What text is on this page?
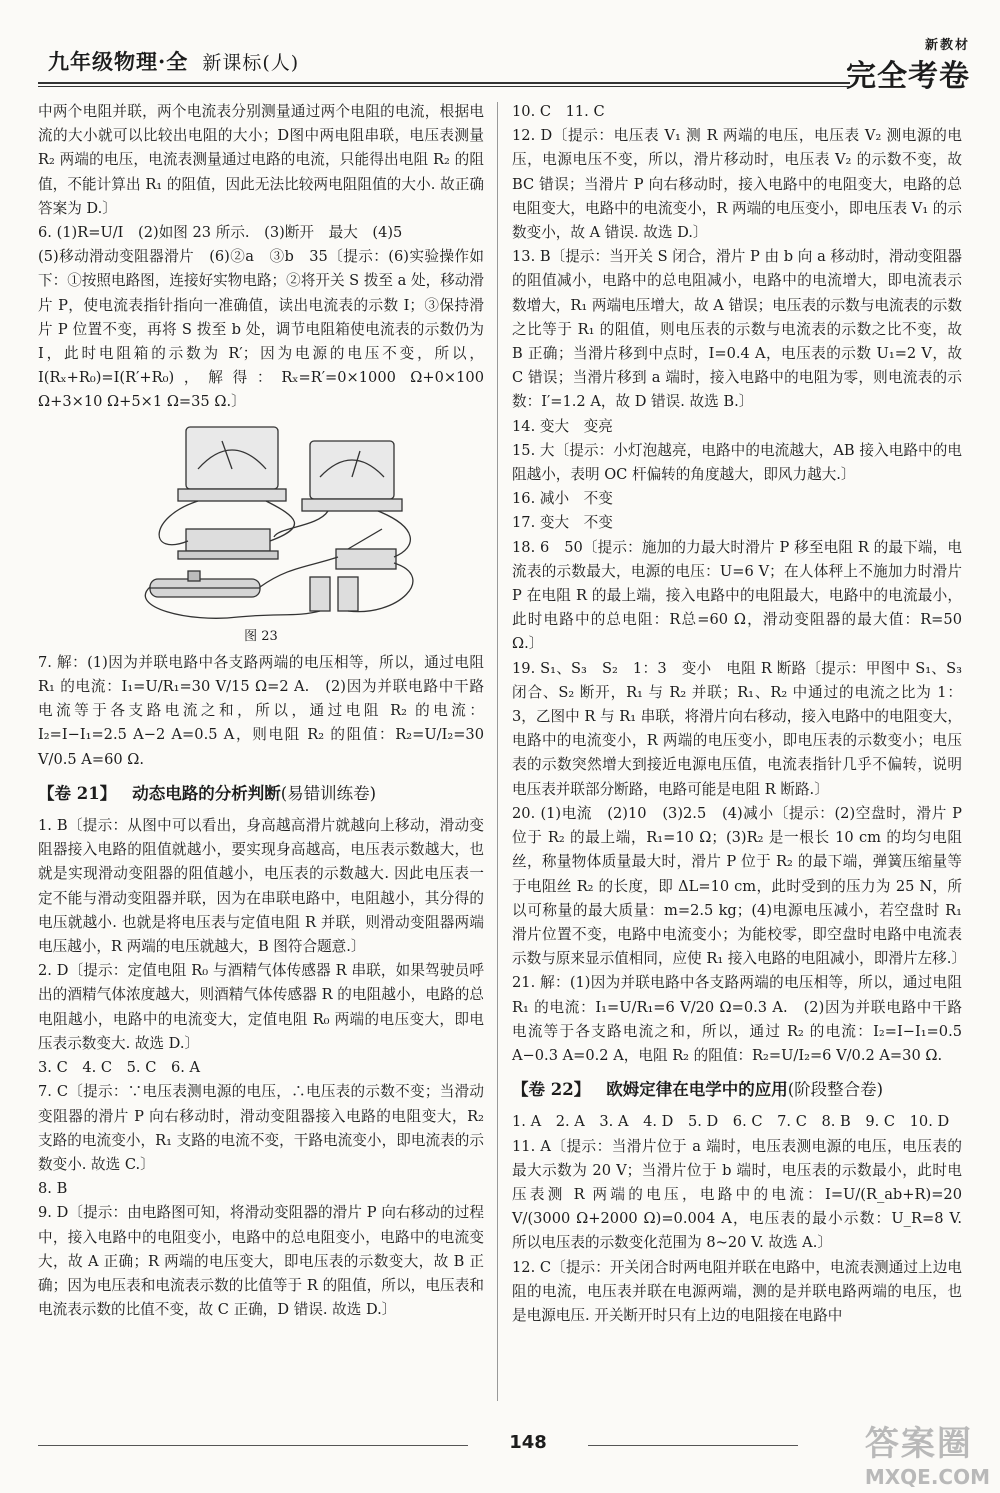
九年级物理·全 新课标(人)
新教材
完全考卷

中两个电阻并联，两个电流表分别测量通过两个电阻的电流，根据电流的大小就可以比较出电阻的大小；D图中两电阻串联，电压表测量 R₂ 两端的电压，电流表测量通过电路的电流，只能得出电阻 R₂ 的阻值，不能计算出 R₁ 的阻值，因此无法比较两电阻阻值的大小. 故正确答案为 D.〕

6. (1)R=U/I　(2)如图 23 所示.　(3)断开　最大　(4)5

(5)移动滑动变阻器滑片　(6)②a　③b　35〔提示：(6)实验操作如下：①按照电路图，连接好实物电路；②将开关 S 拨至 a 处，移动滑片 P，使电流表指针指向一准确值，读出电流表的示数 I；③保持滑片 P 位置不变，再将 S 拨至 b 处，调节电阻箱使电流表的示数仍为 I，此时电阻箱的示数为 R′；因为电源的电压不变，所以，I(Rₓ+R₀)=I(R′+R₀)，解得：Rₓ=R′=0×1000 Ω+0×100 Ω+3×10 Ω+5×1 Ω=35 Ω.〕

图 23

7. 解：(1)因为并联电路中各支路两端的电压相等，所以，通过电阻 R₁ 的电流：I₁=U/R₁=30 V/15 Ω=2 A.　(2)因为并联电路中干路电流等于各支路电流之和，所以，通过电阻 R₂ 的电流：I₂=I−I₁=2.5 A−2 A=0.5 A，则电阻 R₂ 的阻值：R₂=U/I₂=30 V/0.5 A=60 Ω.

【卷 21】 动态电路的分析判断(易错训练卷)

1. B〔提示：从图中可以看出，身高越高滑片就越向上移动，滑动变阻器接入电路的阻值就越小，要实现身高越高，电压表示数越大，也就是实现滑动变阻器的阻值越小，电压表的示数越大. 因此电压表一定不能与滑动变阻器并联，因为在串联电路中，电阻越小，其分得的电压就越小. 也就是将电压表与定值电阻 R 并联，则滑动变阻器两端电压越小，R 两端的电压就越大，B 图符合题意.〕

2. D〔提示：定值电阻 R₀ 与酒精气体传感器 R 串联，如果驾驶员呼出的酒精气体浓度越大，则酒精气体传感器 R 的电阻越小，电路的总电阻越小，电路中的电流变大，定值电阻 R₀ 两端的电压变大，即电压表示数变大. 故选 D.〕

3. C　4. C　5. C　6. A

7. C〔提示：∵电压表测电源的电压，∴电压表的示数不变；当滑动变阻器的滑片 P 向右移动时，滑动变阻器接入电路的电阻变大，R₂ 支路的电流变小，R₁ 支路的电流不变，干路电流变小，即电流表的示数变小. 故选 C.〕

8. B

9. D〔提示：由电路图可知，将滑动变阻器的滑片 P 向右移动的过程中，接入电路中的电阻变小，电路中的总电阻变小，电路中的电流变大，故 A 正确；R 两端的电压变大，即电压表的示数变大，故 B 正确；因为电压表和电流表示数的比值等于 R 的阻值，所以，电压表和电流表示数的比值不变，故 C 正确，D 错误. 故选 D.〕

10. C　11. C

12. D〔提示：电压表 V₁ 测 R 两端的电压，电压表 V₂ 测电源的电压，电源电压不变，所以，滑片移动时，电压表 V₂ 的示数不变，故 BC 错误；当滑片 P 向右移动时，接入电路中的电阻变大，电路的总电阻变大，电路中的电流变小，R 两端的电压变小，即电压表 V₁ 的示数变小，故 A 错误. 故选 D.〕

13. B〔提示：当开关 S 闭合，滑片 P 由 b 向 a 移动时，滑动变阻器的阻值减小，电路中的总电阻减小，电路中的电流增大，即电流表示数增大，R₁ 两端电压增大，故 A 错误；电压表的示数与电流表的示数之比等于 R₁ 的阻值，则电压表的示数与电流表的示数之比不变，故 B 正确；当滑片移到中点时，I=0.4 A，电压表的示数 U₁=2 V，故 C 错误；当滑片移到 a 端时，接入电路中的电阻为零，则电流表的示数：I′=1.2 A，故 D 错误. 故选 B.〕

14. 变大　变亮

15. 大〔提示：小灯泡越亮，电路中的电流越大，AB 接入电路中的电阻越小，表明 OC 杆偏转的角度越大，即风力越大.〕

16. 减小　不变

17. 变大　不变

18. 6　50〔提示：施加的力最大时滑片 P 移至电阻 R 的最下端，电流表的示数最大，电源的电压：U=6 V；在人体秤上不施加力时滑片 P 在电阻 R 的最上端，接入电路中的电阻最大，电路中的电流最小，此时电路中的总电阻：R总=60 Ω，滑动变阻器的最大值：R=50 Ω.〕

19. S₁、S₃　S₂　1：3　变小　电阻 R 断路〔提示：甲图中 S₁、S₃ 闭合、S₂ 断开，R₁ 与 R₂ 并联；R₁、R₂ 中通过的电流之比为 1：3，乙图中 R 与 R₁ 串联，将滑片向右移动，接入电路中的电阻变大，电路中的电流变小，R 两端的电压变小，即电压表的示数变小；电压表的示数突然增大到接近电源电压值，电流表指针几乎不偏转，说明电压表并联部分断路，电路可能是电阻 R 断路.〕

20. (1)电流　(2)10　(3)2.5　(4)减小〔提示：(2)空盘时，滑片 P 位于 R₂ 的最上端，R₁=10 Ω；(3)R₂ 是一根长 10 cm 的均匀电阻丝，称量物体质量最大时，滑片 P 位于 R₂ 的最下端，弹簧压缩量等于电阻丝 R₂ 的长度，即 ΔL=10 cm，此时受到的压力为 25 N，所以可称量的最大质量：m=2.5 kg；(4)电源电压减小，若空盘时 R₁ 滑片位置不变，电路中电流变小；为能校零，即空盘时电路中电流表示数与原来显示值相同，应使 R₁ 接入电路的电阻减小，即滑片左移.〕

21. 解：(1)因为并联电路中各支路两端的电压相等，所以，通过电阻 R₁ 的电流：I₁=U/R₁=6 V/20 Ω=0.3 A.　(2)因为并联电路中干路电流等于各支路电流之和，所以，通过 R₂ 的电流：I₂=I−I₁=0.5 A−0.3 A=0.2 A，电阻 R₂ 的阻值：R₂=U/I₂=6 V/0.2 A=30 Ω.

【卷 22】 欧姆定律在电学中的应用(阶段整合卷)

1. A　2. A　3. A　4. D　5. D　6. C　7. C　8. B　9. C　10. D

11. A〔提示：当滑片位于 a 端时，电压表测电源的电压，电压表的最大示数为 20 V；当滑片位于 b 端时，电压表的示数最小，此时电压表测 R 两端的电压，电路中的电流：I=U/(R_ab+R)=20 V/(3000 Ω+2000 Ω)=0.004 A，电压表的最小示数：U_R=8 V. 所以电压表的示数变化范围为 8~20 V. 故选 A.〕

12. C〔提示：开关闭合时两电阻并联在电路中，电流表测通过上边电阻的电流，电压表并联在电源两端，测的是并联电路两端的电压，也是电源电压. 开关断开时只有上边的电阻接在电路中

148	答案圈
MXQE.COM
